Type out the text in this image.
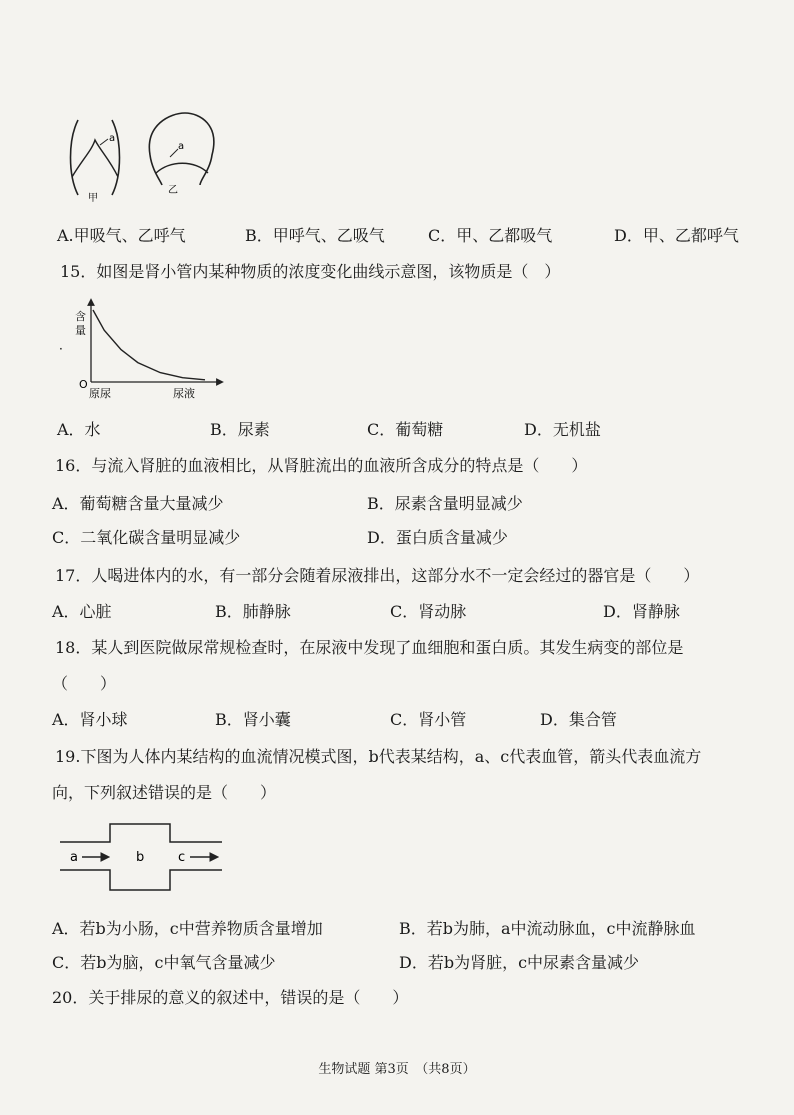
a
甲
a
乙
A.甲吸气、乙呼气	B．甲呼气、乙吸气	C．甲、乙都吸气	D．甲、乙都呼气
15．如图是肾小管内某种物质的浓度变化曲线示意图，该物质是（　）
含
量
O
原尿	尿液
·
A．水	B．尿素	C．葡萄糖	D．无机盐
16．与流入肾脏的血液相比，从肾脏流出的血液所含成分的特点是（　　）
A．葡萄糖含量大量减少	B．尿素含量明显减少
C．二氧化碳含量明显减少	D．蛋白质含量减少
17．人喝进体内的水，有一部分会随着尿液排出，这部分水不一定会经过的器官是（　　）
A．心脏	B．肺静脉	C．肾动脉	D．肾静脉
18．某人到医院做尿常规检查时，在尿液中发现了血细胞和蛋白质。其发生病变的部位是
（　　）
A．肾小球	B．肾小囊	C．肾小管	D．集合管
19.下图为人体内某结构的血流情况模式图，b代表某结构，a、c代表血管，箭头代表血流方
向，下列叙述错误的是（　　）
a	b	c
A．若b为小肠，c中营养物质含量增加	B．若b为肺，a中流动脉血，c中流静脉血
C．若b为脑，c中氧气含量减少	D．若b为肾脏，c中尿素含量减少
20．关于排尿的意义的叙述中，错误的是（　　）
生物试题 第3页　（共8页）
